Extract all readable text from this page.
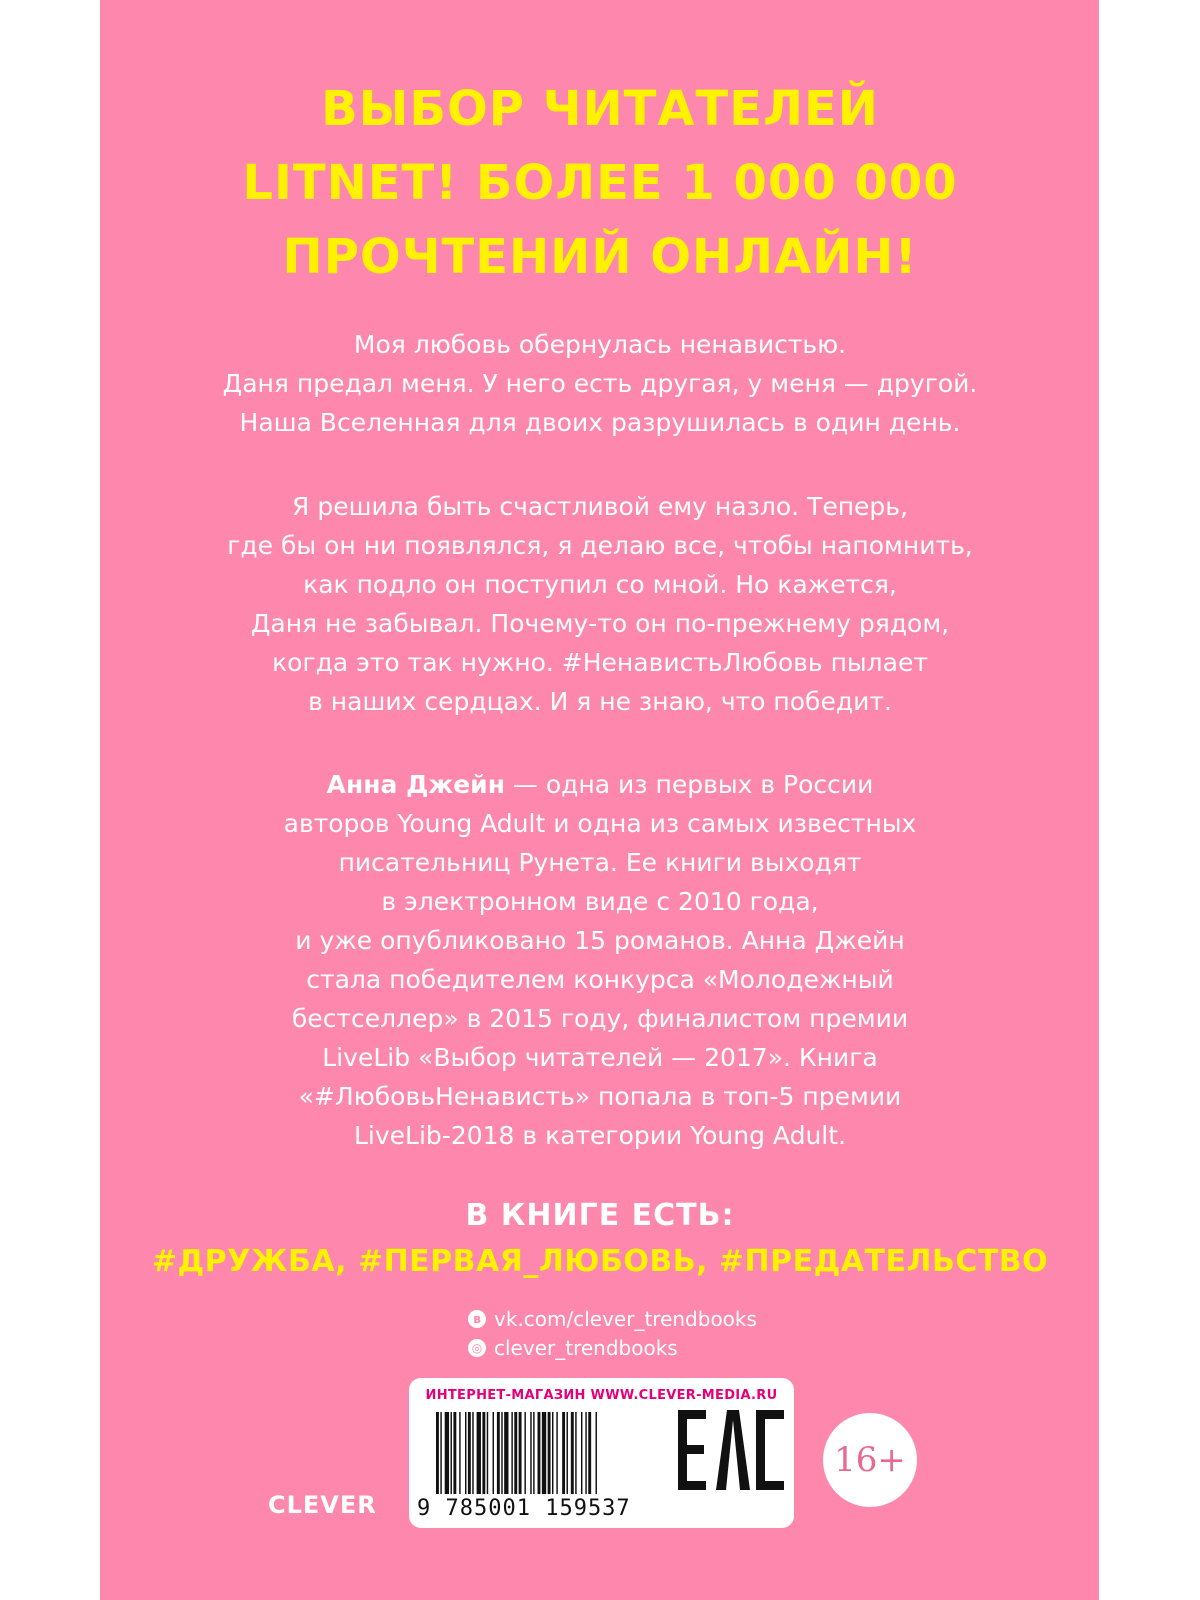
ВЫБОР ЧИТАТЕЛЕЙ
LITNET! БОЛЕЕ 1 000 000
ПРОЧТЕНИЙ ОНЛАЙН!
Моя любовь обернулась ненавистью.
Даня предал меня. У него есть другая, у меня — другой.
Наша Вселенная для двоих разрушилась в один день.
Я решила быть счастливой ему назло. Теперь,
где бы он ни появлялся, я делаю все, чтобы напомнить,
как подло он поступил со мной. Но кажется,
Даня не забывал. Почему-то он по-прежнему рядом,
когда это так нужно. #НенавистьЛюбовь пылает
в наших сердцах. И я не знаю, что победит.
Анна Джейн — одна из первых в России
авторов Young Adult и одна из самых известных
писательниц Рунета. Ее книги выходят
в электронном виде с 2010 года,
и уже опубликовано 15 романов. Анна Джейн
стала победителем конкурса «Молодежный
бестселлер» в 2015 году, финалистом премии
LiveLib «Выбор читателей — 2017». Книга
«#ЛюбовьНенависть» попала в топ-5 премии
LiveLib-2018 в категории Young Adult.
В КНИГЕ ЕСТЬ:
#ДРУЖБА, #ПЕРВАЯ_ЛЮБОВЬ, #ПРЕДАТЕЛЬСТВО
в vk.com/clever_trendbooks
◎ clever_trendbooks
ИНТЕРНЕТ-МАГАЗИН WWW.CLEVER-MEDIA.RU
9 785001 159537
16+
CLEVER
